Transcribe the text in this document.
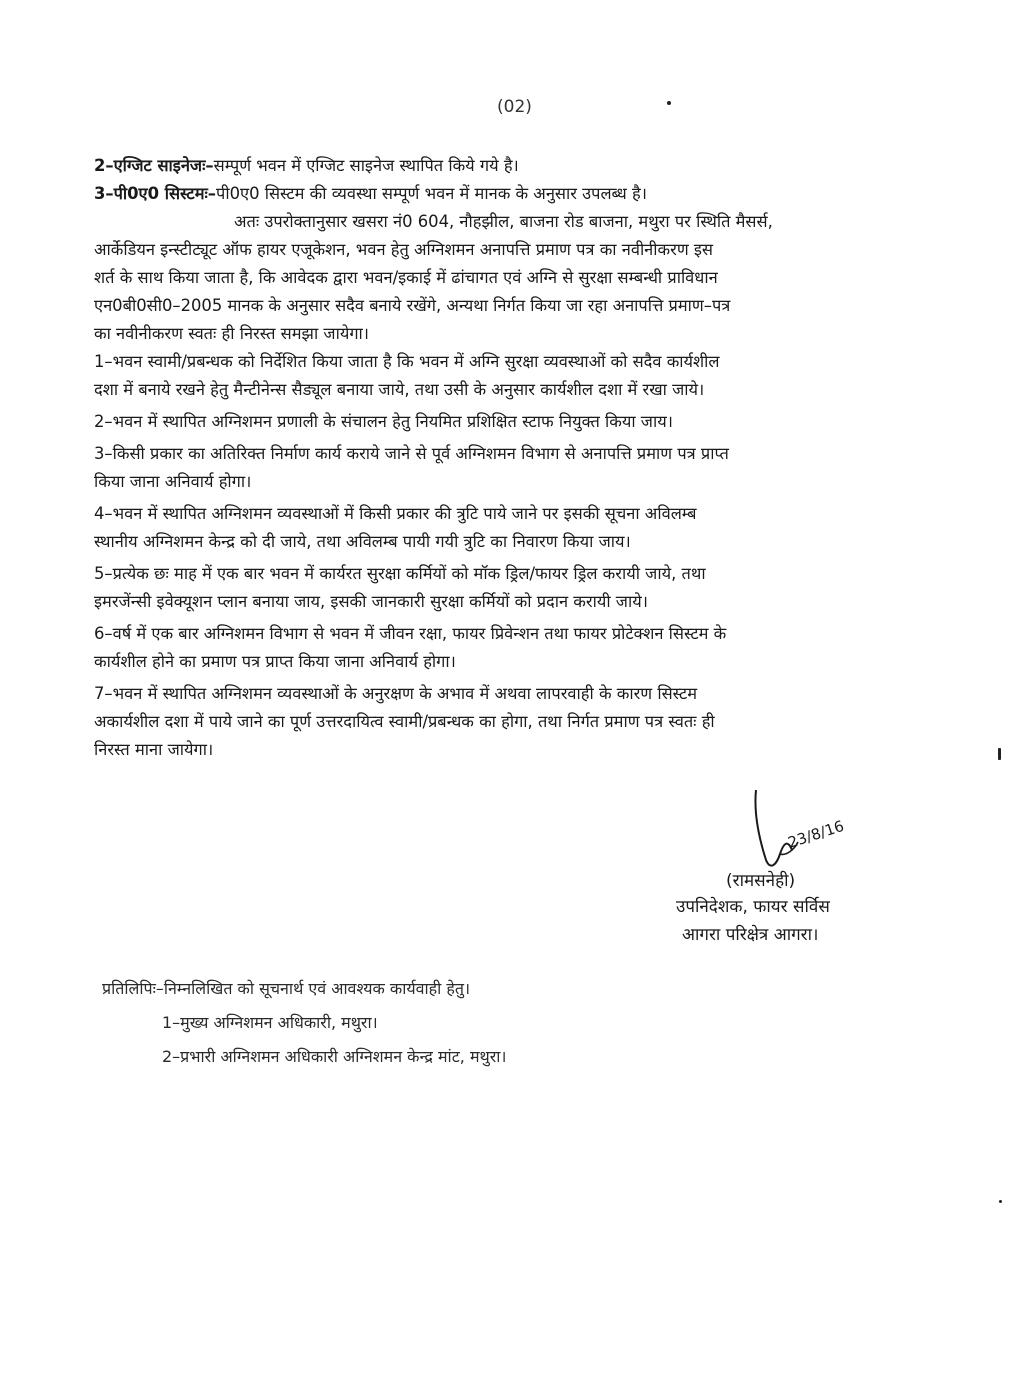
(02)
2–एग्जिट साइनेजः–सम्पूर्ण भवन में एग्जिट साइनेज स्थापित किये गये है।
3–पी0ए0 सिस्टमः–पी0ए0 सिस्टम की व्यवस्था सम्पूर्ण भवन में मानक के अनुसार उपलब्ध है।
अतः उपरोक्तानुसार खसरा नं0 604, नौहझील, बाजना रोड बाजना, मथुरा पर स्थिति मैसर्स,
आर्केडियन इन्स्टीट्यूट ऑफ हायर एजूकेशन, भवन हेतु अग्निशमन अनापत्ति प्रमाण पत्र का नवीनीकरण इस
शर्त के साथ किया जाता है, कि आवेदक द्वारा भवन/इकाई में ढांचागत एवं अग्नि से सुरक्षा सम्बन्धी प्राविधान
एन0बी0सी0–2005 मानक के अनुसार सदैव बनाये रखेंगे, अन्यथा निर्गत किया जा रहा अनापत्ति प्रमाण–पत्र
का नवीनीकरण स्वतः ही निरस्त समझा जायेगा।
1–भवन स्वामी/प्रबन्धक को निर्देशित किया जाता है कि भवन में अग्नि सुरक्षा व्यवस्थाओं को सदैव कार्यशील
दशा में बनाये रखने हेतु मैन्टीनेन्स सैड्यूल बनाया जाये, तथा उसी के अनुसार कार्यशील दशा में रखा जाये।
2–भवन में स्थापित अग्निशमन प्रणाली के संचालन हेतु नियमित प्रशिक्षित स्टाफ नियुक्त किया जाय।
3–किसी प्रकार का अतिरिक्त निर्माण कार्य कराये जाने से पूर्व अग्निशमन विभाग से अनापत्ति प्रमाण पत्र प्राप्त
किया जाना अनिवार्य होगा।
4–भवन में स्थापित अग्निशमन व्यवस्थाओं में किसी प्रकार की त्रुटि पाये जाने पर इसकी सूचना अविलम्ब
स्थानीय अग्निशमन केन्द्र को दी जाये, तथा अविलम्ब पायी गयी त्रुटि का निवारण किया जाय।
5–प्रत्येक छः माह में एक बार भवन में कार्यरत सुरक्षा कर्मियों को मॉक ड्रिल/फायर ड्रिल करायी जाये, तथा
इमरजेंन्सी इवेक्यूशन प्लान बनाया जाय, इसकी जानकारी सुरक्षा कर्मियों को प्रदान करायी जाये।
6–वर्ष में एक बार अग्निशमन विभाग से भवन में जीवन रक्षा, फायर प्रिवेन्शन तथा फायर प्रोटेक्शन सिस्टम के
कार्यशील होने का प्रमाण पत्र प्राप्त किया जाना अनिवार्य होगा।
7–भवन में स्थापित अग्निशमन व्यवस्थाओं के अनुरक्षण के अभाव में अथवा लापरवाही के कारण सिस्टम
अकार्यशील दशा में पाये जाने का पूर्ण उत्तरदायित्व स्वामी/प्रबन्धक का होगा, तथा निर्गत प्रमाण पत्र स्वतः ही
निरस्त माना जायेगा।
23/8/16
(रामसनेही)
उपनिदेशक, फायर सर्विस
आगरा परिक्षेत्र आगरा।
प्रतिलिपिः–निम्नलिखित को सूचनार्थ एवं आवश्यक कार्यवाही हेतु।
1–मुख्य अग्निशमन अधिकारी, मथुरा।
2–प्रभारी अग्निशमन अधिकारी अग्निशमन केन्द्र मांट, मथुरा।
